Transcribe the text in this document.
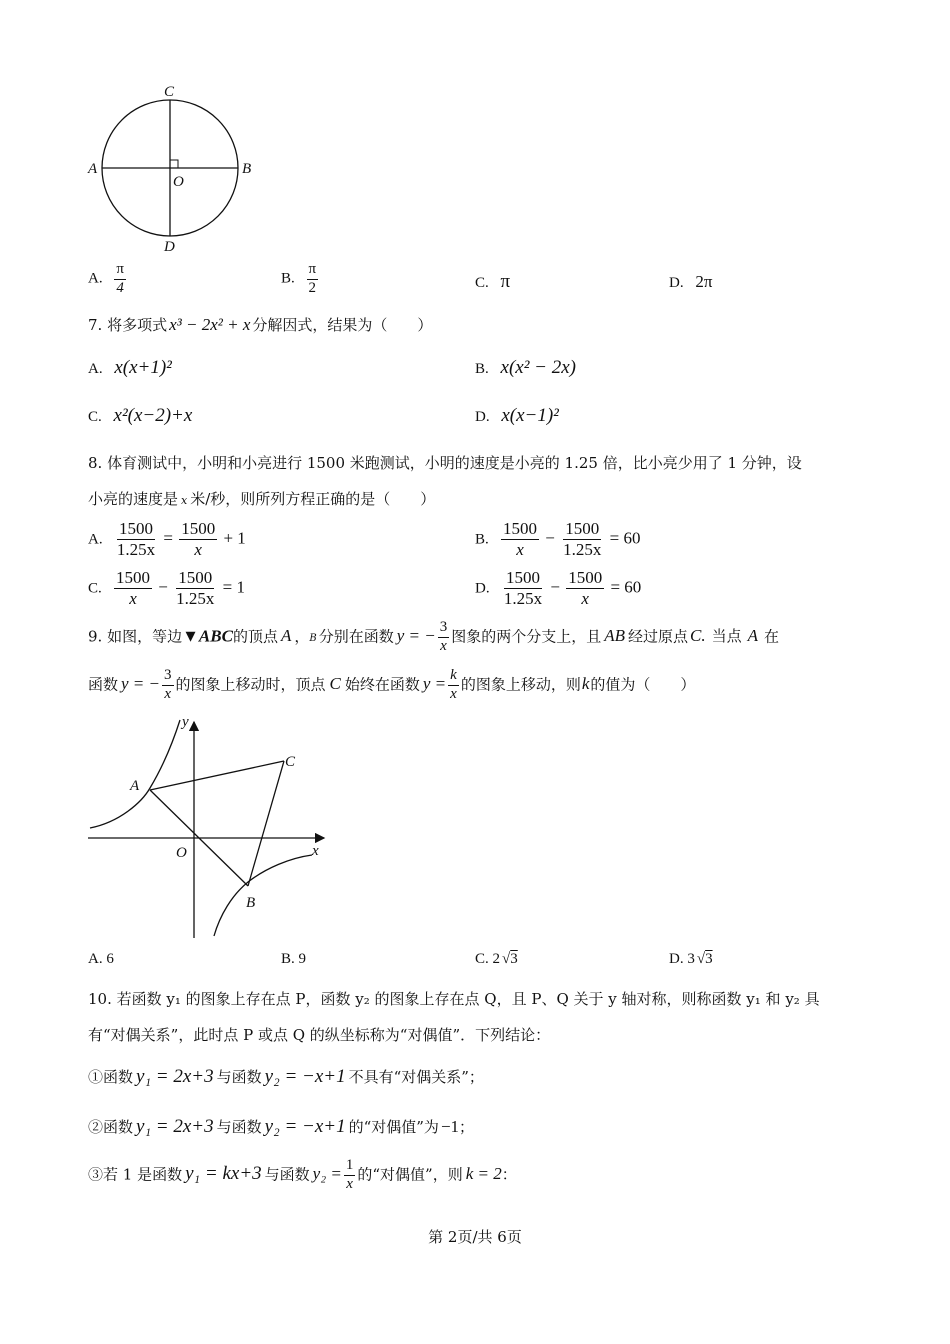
C
A	B
O
D
A. $\frac{\pi}{4}$	B. $\frac{\pi}{2}$	C. π	D. 2π
7. 将多项式 x³ − 2x² + x 分解因式，结果为（　　）
A. x(x+1)²	B. x(x² − 2x)
C. x²(x−2)+x	D. x(x−1)²
8. 体育测试中，小明和小亮进行 1500 米跑测试，小明的速度是小亮的 1.25 倍，比小亮少用了 1 分钟，设
小亮的速度是 x 米/秒，则所列方程正确的是（　　）
A. $\frac{1500}{1.25x} = \frac{1500}{x} + 1$	B. $\frac{1500}{x} - \frac{1500}{1.25x} = 60$
C. $\frac{1500}{x} - \frac{1500}{1.25x} = 1$	D. $\frac{1500}{1.25x} - \frac{1500}{x} = 60$
9. 如图，等边▼ABC的顶点 A ，B 分别在函数 y = − $\frac{3}{x}$ 图象的两个分支上，且 AB 经过原点 C. 当点 A 在
函数 y = − $\frac{3}{x}$ 的图象上移动时，顶点 C 始终在函数 $y = \frac{k}{x}$ 的图象上移动，则k的值为（　　）
y
x
O
A
B
C
A. 6	B. 9	C. 2 √3	D. 3 √3
10. 若函数 y₁ 的图象上存在点 P，函数 y₂ 的图象上存在点 Q，且 P、Q 关于 y 轴对称，则称函数 y₁ 和 y₂ 具
有“对偶关系”，此时点 P 或点 Q 的纵坐标称为“对偶值”．下列结论：
①函数 y₁ = 2x+3 与函数 y₂ = −x+1 不具有“对偶关系”；
②函数 y₁ = 2x+3 与函数 y₂ = −x+1 的“对偶值”为 −1；
③若 1 是函数 y₁ = kx+3 与函数 $y_2 = \frac{1}{x}$ 的“对偶值”，则 k = 2：
第 2页/共 6页
